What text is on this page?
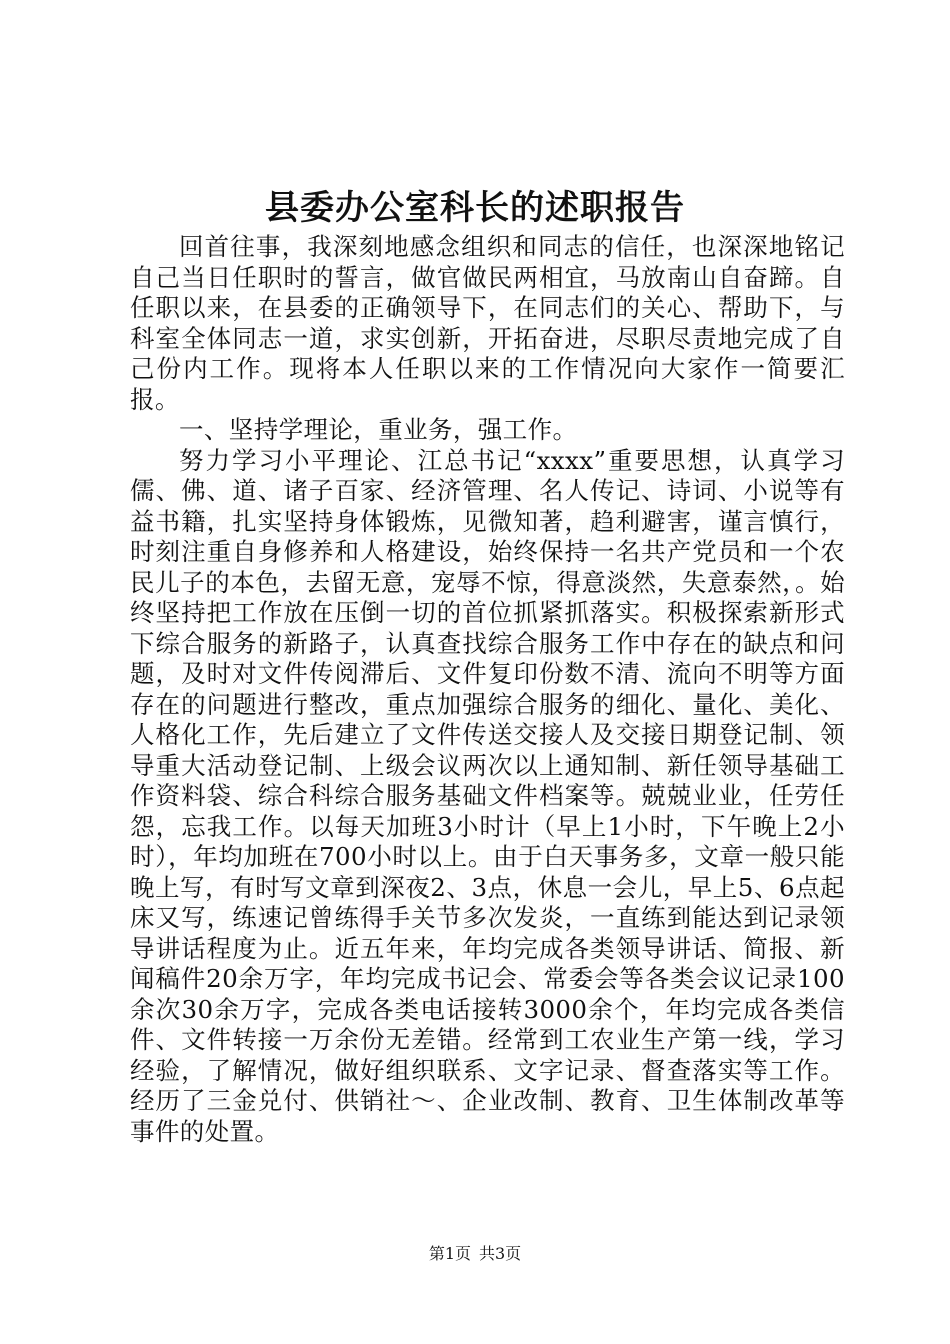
县委办公室科长的述职报告

回首往事，我深刻地感念组织和同志的信任，也深深地铭记自己当日任职时的誓言，做官做民两相宜，马放南山自奋蹄。自任职以来，在县委的正确领导下，在同志们的关心、帮助下，与科室全体同志一道，求实创新，开拓奋进，尽职尽责地完成了自己份内工作。现将本人任职以来的工作情况向大家作一简要汇报。

一、坚持学理论，重业务，强工作。

努力学习小平理论、江总书记“xxxx”重要思想，认真学习儒、佛、道、诸子百家、经济管理、名人传记、诗词、小说等有益书籍，扎实坚持身体锻炼，见微知著，趋利避害，谨言慎行，时刻注重自身修养和人格建设，始终保持一名共产党员和一个农民儿子的本色，去留无意，宠辱不惊，得意淡然，失意泰然，。始终坚持把工作放在压倒一切的首位抓紧抓落实。积极探索新形式下综合服务的新路子，认真查找综合服务工作中存在的缺点和问题，及时对文件传阅滞后、文件复印份数不清、流向不明等方面存在的问题进行整改，重点加强综合服务的细化、量化、美化、人格化工作，先后建立了文件传送交接人及交接日期登记制、领导重大活动登记制、上级会议两次以上通知制、新任领导基础工作资料袋、综合科综合服务基础文件档案等。兢兢业业，任劳任怨，忘我工作。以每天加班3小时计（早上1小时，下午晚上2小时），年均加班在700小时以上。由于白天事务多，文章一般只能晚上写，有时写文章到深夜2、3点，休息一会儿，早上5、6点起床又写，练速记曾练得手关节多次发炎，一直练到能达到记录领导讲话程度为止。近五年来，年均完成各类领导讲话、简报、新闻稿件20余万字，年均完成书记会、常委会等各类会议记录100余次30余万字，完成各类电话接转3000余个，年均完成各类信件、文件转接一万余份无差错。经常到工农业生产第一线，学习经验，了解情况，做好组织联系、文字记录、督查落实等工作。经历了三金兑付、供销社～、企业改制、教育、卫生体制改革等事件的处置。

第1页 共3页
